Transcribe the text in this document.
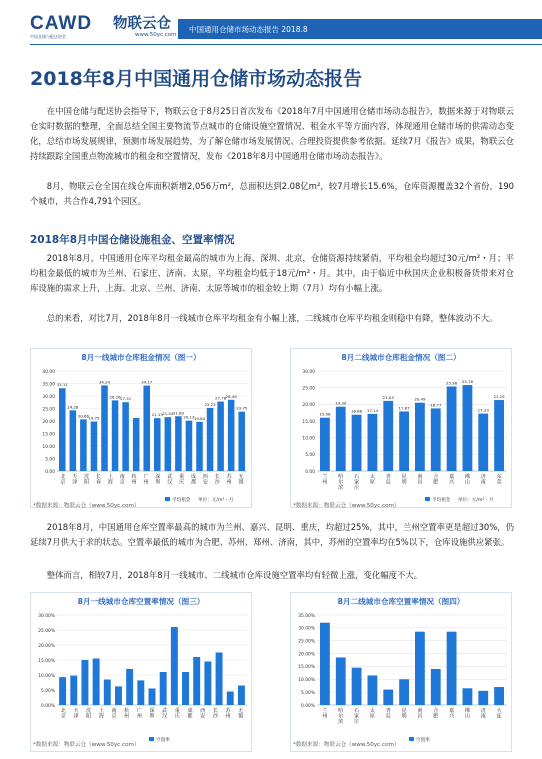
CAWD
中国仓储与配送协会
物联云仓
www.50yc.com
中国通用仓储市场动态报告 2018.8
2018年8月中国通用仓储市场动态报告

在中国仓储与配送协会指导下，物联云仓于8月25日首次发布《2018年7月中国通用仓储市场动态报告》，数据来源于对物联云仓实时数据的整理，全面总结全国主要物流节点城市的仓储设施空置情况、租金水平等方面内容，体现通用仓储市场的供需动态变化，总结市场发展规律，预测市场发展趋势，为了解仓储市场发展情况、合理投资提供参考依据。延续7月《报告》成果，物联云仓持续跟踪全国重点物流城市的租金和空置情况，发布《2018年8月中国通用仓储市场动态报告》。

8月，物联云仓全国在线仓库面积新增2,056万m²，总面积达到2.08亿m²，较7月增长15.6%，仓库资源覆盖32个省份，190个城市，共合作4,791个园区。

2018年8月中国仓储设施租金、空置率情况

2018年8月，中国通用仓库平均租金最高的城市为上海、深圳、北京，仓储资源持续紧俏，平均租金均超过30元/m²・月；平均租金最低的城市为兰州、石家庄、济南、太原，平均租金均低于18元/m²・月。其中，由于临近中秋国庆企业积极备货带来对仓库设施的需求上升，上海、北京、兰州、济南、太原等城市的租金较上期（7月）均有小幅上涨。

总的来看，对比7月，2018年8月一线城市仓库平均租金有小幅上涨，二线城市仓库平均租金则稳中有降，整体波动不大。

8月一线城市仓库租金情况（图一）
0.00
5.00
10.00
15.00
20.00
25.00
30.00
35.00
40.00
33.11
24.28
20.66 19.75
34.24
28.26 27.51
34.17
21.13 21.54 21.89
20.13 19.64
25.23
27.78 28.49
23.75
北
京
天
津
沈
阳
长
春
上
海
南
京
杭
州
广
州
深
圳
武
汉
重
庆
成
都
西
安
长
沙
苏
州
无
锡
平均租金 单位：元/m²・月
8月二线城市仓库租金情况（图二）
0.00
5.00
10.00
15.00
20.00
25.00
30.00
15.98
19.30
16.88 17.14
21.03
17.87
20.49
18.77
25.36 25.78
17.23
21.29
兰
州
哈
尔
滨
石
家
庄
太
原
青
岛
昆
明
南
昌
合
肥
嘉
兴
佛
山
济
南
东
莞
平均租金 单位：元/m²・月
*数据来源：物联云仓（www.50yc.com）	*数据来源：物联云仓（www.50yc.com）

2018年8月，中国通用仓库空置率最高的城市为兰州、嘉兴、昆明、重庆，均超过25%，其中，兰州空置率更是超过30%，仍延续7月供大于求的状态。空置率最低的城市为合肥、苏州、郑州、济南，其中，苏州的空置率均在5%以下，仓库设施供应紧张。

整体而言，相较7月，2018年8月一线城市、二线城市仓库设施空置率均有轻微上涨，变化幅度不大。

8月一线城市仓库空置率情况（图三）
0.00%
5.00%
10.00%
15.00%
20.00%
25.00%
30.00%
北
京
天
津
沈
阳
上
海
南
京
杭
州
广
州
深
圳
武
汉
重
庆
成
都
西
安
长
沙
苏
州
无
锡
空置率
8月二线城市仓库空置率情况（图四）
0.00%
5.00%
10.00%
15.00%
20.00%
25.00%
30.00%
35.00%
兰
州
哈
尔
滨
石
家
庄
太
原
青
岛
昆
明
南
昌
合
肥
嘉
兴
佛
山
济
南
大
连
空置率
*数据来源：物联云仓（www.50yc.com）	*数据来源：物联云仓（www.50yc.com）
